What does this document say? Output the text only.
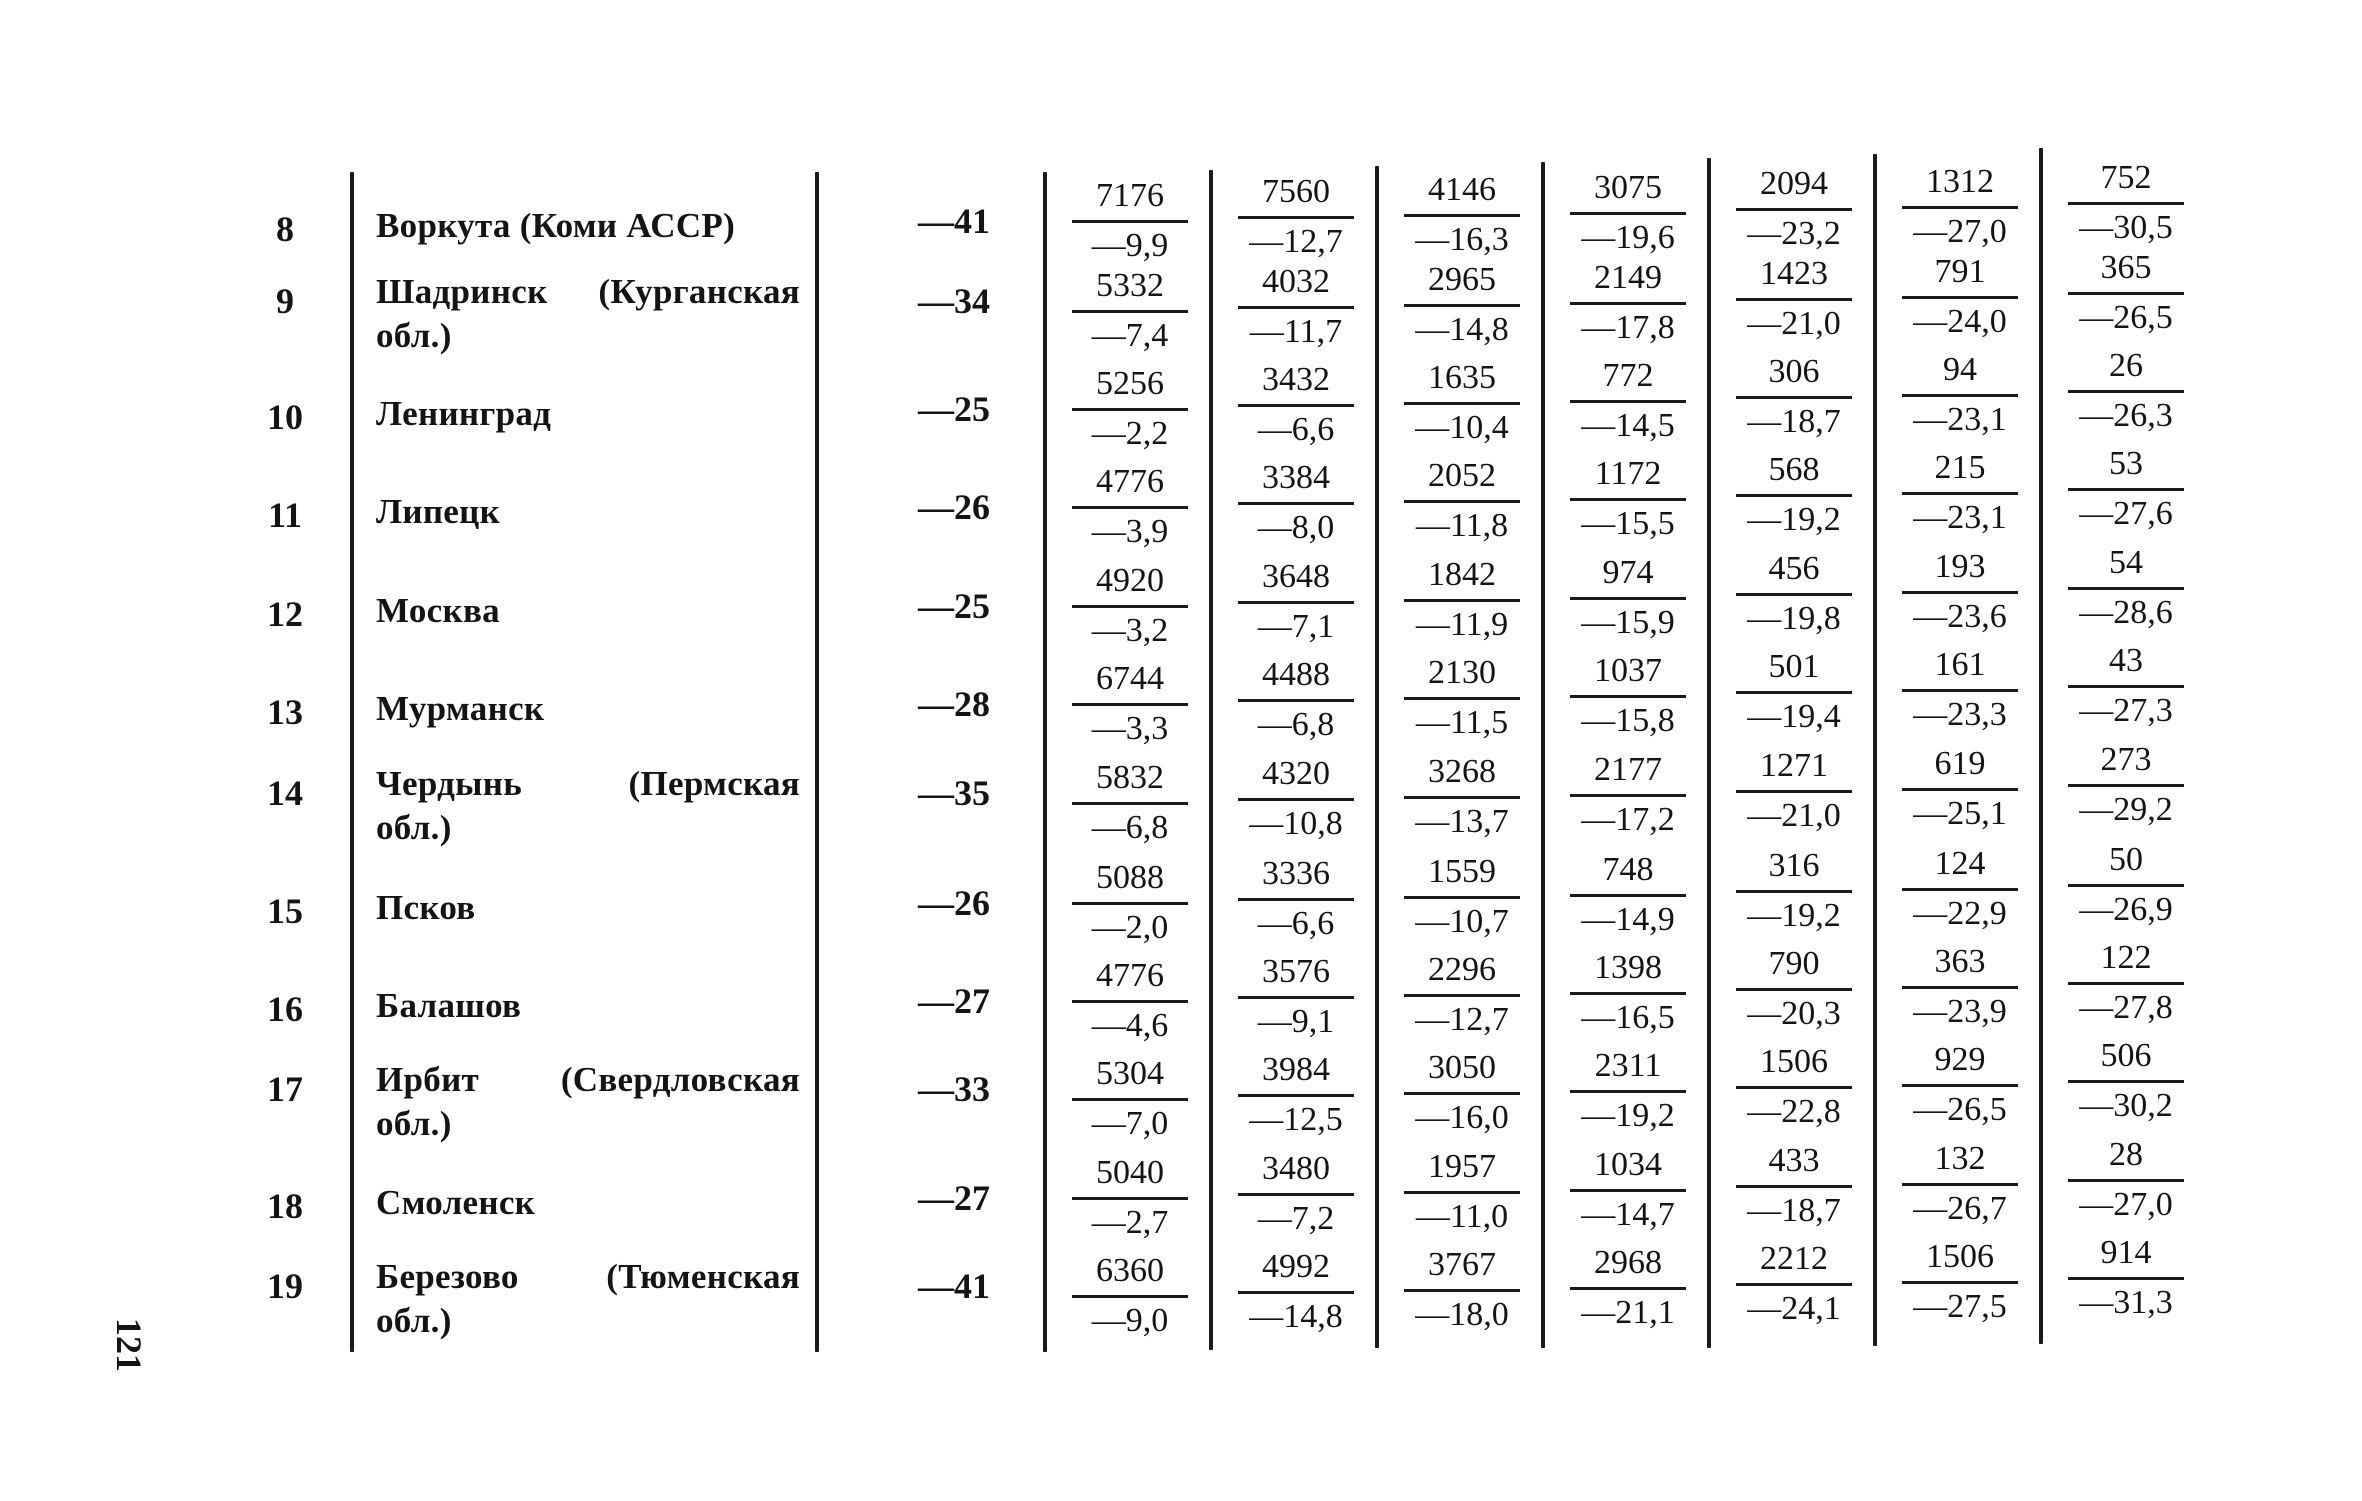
8	Воркута (Коми АССР)	—41 $\frac{7176}{—9,9} \frac{7560}{—12,7} \frac{4146}{—16,3} \frac{3075}{—19,6} \frac{2094}{—23,2} \frac{1312}{—27,0} \frac{752}{—30,5}$
9	Шадринск (Курганская
обл.)
—34 $\frac{5332}{—7,4} \frac{4032}{—11,7} \frac{2965}{—14,8} \frac{2149}{—17,8} \frac{1423}{—21,0} \frac{791}{—24,0} \frac{365}{—26,5}$
10	Ленинград	—25 $\frac{5256}{—2,2} \frac{3432}{—6,6} \frac{1635}{—10,4} \frac{772}{—14,5} \frac{306}{—18,7} \frac{94}{—23,1} \frac{26}{—26,3}$
11	Липецк	—26 $\frac{4776}{—3,9} \frac{3384}{—8,0} \frac{2052}{—11,8} \frac{1172}{—15,5} \frac{568}{—19,2} \frac{215}{—23,1} \frac{53}{—27,6}$
12	Москва	—25 $\frac{4920}{—3,2} \frac{3648}{—7,1} \frac{1842}{—11,9} \frac{974}{—15,9} \frac{456}{—19,8} \frac{193}{—23,6} \frac{54}{—28,6}$
13	Мурманск	—28 $\frac{6744}{—3,3} \frac{4488}{—6,8} \frac{2130}{—11,5} \frac{1037}{—15,8} \frac{501}{—19,4} \frac{161}{—23,3} \frac{43}{—27,3}$
14	Чердынь (Пермская
обл.)
—35 $\frac{5832}{—6,8} \frac{4320}{—10,8} \frac{3268}{—13,7} \frac{2177}{—17,2} \frac{1271}{—21,0} \frac{619}{—25,1} \frac{273}{—29,2}$
15	Псков	—26 $\frac{5088}{—2,0} \frac{3336}{—6,6} \frac{1559}{—10,7} \frac{748}{—14,9} \frac{316}{—19,2} \frac{124}{—22,9} \frac{50}{—26,9}$
16	Балашов	—27 $\frac{4776}{—4,6} \frac{3576}{—9,1} \frac{2296}{—12,7} \frac{1398}{—16,5} \frac{790}{—20,3} \frac{363}{—23,9} \frac{122}{—27,8}$
17	Ирбит (Свердловская
обл.)
—33 $\frac{5304}{—7,0} \frac{3984}{—12,5} \frac{3050}{—16,0} \frac{2311}{—19,2} \frac{1506}{—22,8} \frac{929}{—26,5} \frac{506}{—30,2}$
18	Смоленск	—27 $\frac{5040}{—2,7} \frac{3480}{—7,2} \frac{1957}{—11,0} \frac{1034}{—14,7} \frac{433}{—18,7} \frac{132}{—26,7} \frac{28}{—27,0}$
19	Березово (Тюменская
обл.)
—41 $\frac{6360}{—9,0} \frac{4992}{—14,8} \frac{3767}{—18,0} \frac{2968}{—21,1} \frac{2212}{—24,1} \frac{1506}{—27,5} \frac{914}{—31,3}$
121
